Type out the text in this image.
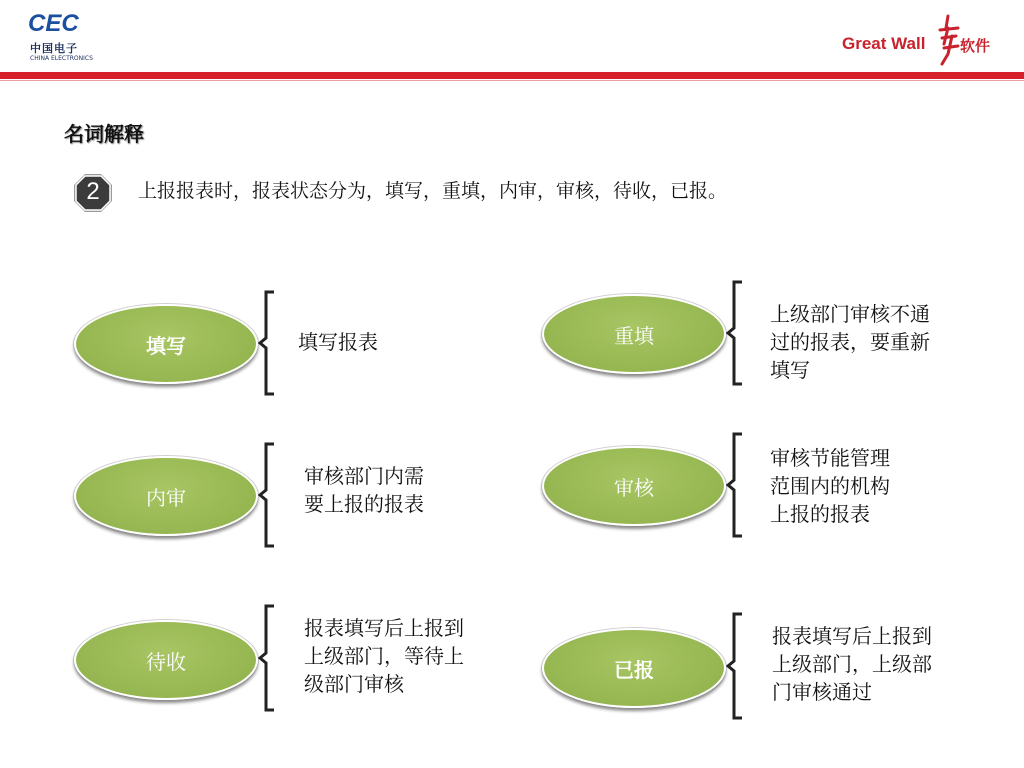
CEC
中国电子
CHINA ELECTRONICS
Great Wall 软件
名词解释
2	上报报表时，报表状态分为，填写，重填，内审，审核，待收，已报。
填写	填写报表	重填
上级部门审核不通
过的报表，要重新
填写
内审
审核部门内需
要上报的报表
审核
审核节能管理
范围内的机构
上报的报表
待收
报表填写后上报到
上级部门，等待上
级部门审核
已报
报表填写后上报到
上级部门，上级部
门审核通过
